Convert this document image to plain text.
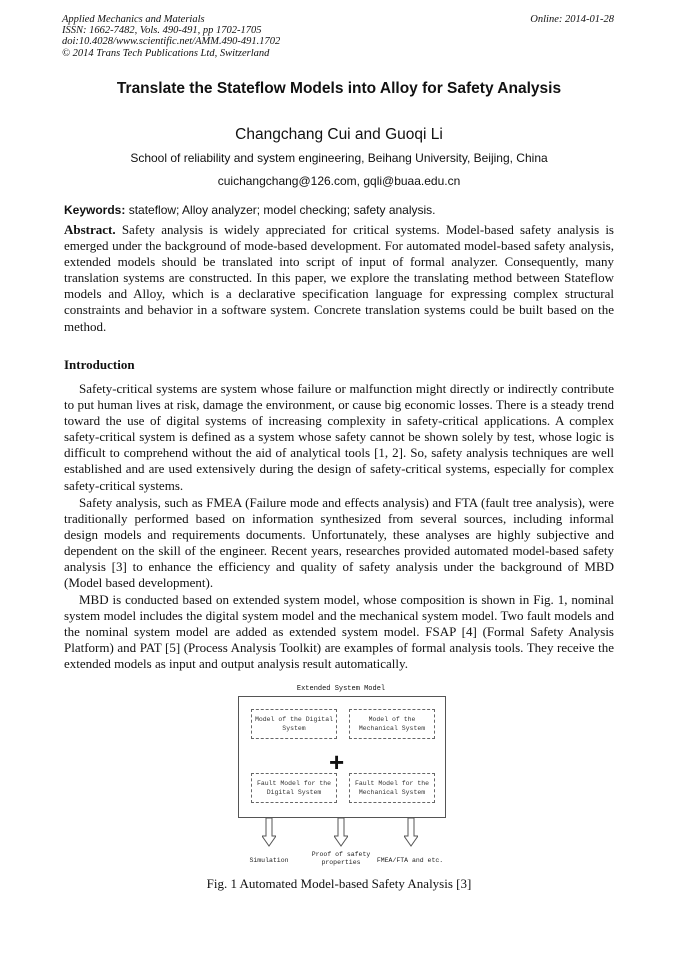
Applied Mechanics and Materials
ISSN: 1662-7482, Vols. 490-491, pp 1702-1705
doi:10.4028/www.scientific.net/AMM.490-491.1702
© 2014 Trans Tech Publications Ltd, Switzerland
Online: 2014-01-28
Translate the Stateflow Models into Alloy for Safety Analysis
Changchang Cui and Guoqi Li
School of reliability and system engineering, Beihang University, Beijing, China
cuichangchang@126.com, gqli@buaa.edu.cn
Keywords: stateflow; Alloy analyzer; model checking; safety analysis.

Abstract. Safety analysis is widely appreciated for critical systems. Model-based safety analysis is emerged under the background of mode-based development. For automated model-based safety analysis, extended models should be translated into script of input of formal analyzer. Consequently, many translation systems are constructed. In this paper, we explore the translating method between Stateflow models and Alloy, which is a declarative specification language for expressing complex structural constraints and behavior in a software system. Concrete translation systems could be built based on the method.

Introduction

Safety-critical systems are system whose failure or malfunction might directly or indirectly contribute to put human lives at risk, damage the environment, or cause big economic losses. There is a steady trend toward the use of digital systems of increasing complexity in safety-critical applications. A complex safety-critical system is defined as a system whose safety cannot be shown solely by test, whose logic is difficult to comprehend without the aid of analytical tools [1, 2]. So, safety analysis techniques are well established and are used extensively during the design of safety-critical systems, especially for complex safety-critical systems.

Safety analysis, such as FMEA (Failure mode and effects analysis) and FTA (fault tree analysis), were traditionally performed based on information synthesized from several sources, including informal design models and requirements documents. Unfortunately, these analyses are highly subjective and dependent on the skill of the engineer. Recent years, researches provided automated model-based safety analysis [3] to enhance the efficiency and quality of safety analysis under the background of MBD (Model based development).

MBD is conducted based on extended system model, whose composition is shown in Fig. 1, nominal system model includes the digital system model and the mechanical system model. Two fault models and the nominal system model are added as extended system model. FSAP [4] (Formal Safety Analysis Platform) and PAT [5] (Process Analysis Toolkit) are examples of formal analysis tools. They receive the extended models as input and output analysis result automatically.

Extended System Model
Model of the Digital System
Model of the Mechanical System
Fault Model for the Digital System
Fault Model for the Mechanical System
+
Simulation
Proof of safety properties	FMEA/FTA and etc.
Fig. 1 Automated Model-based Safety Analysis [3]
